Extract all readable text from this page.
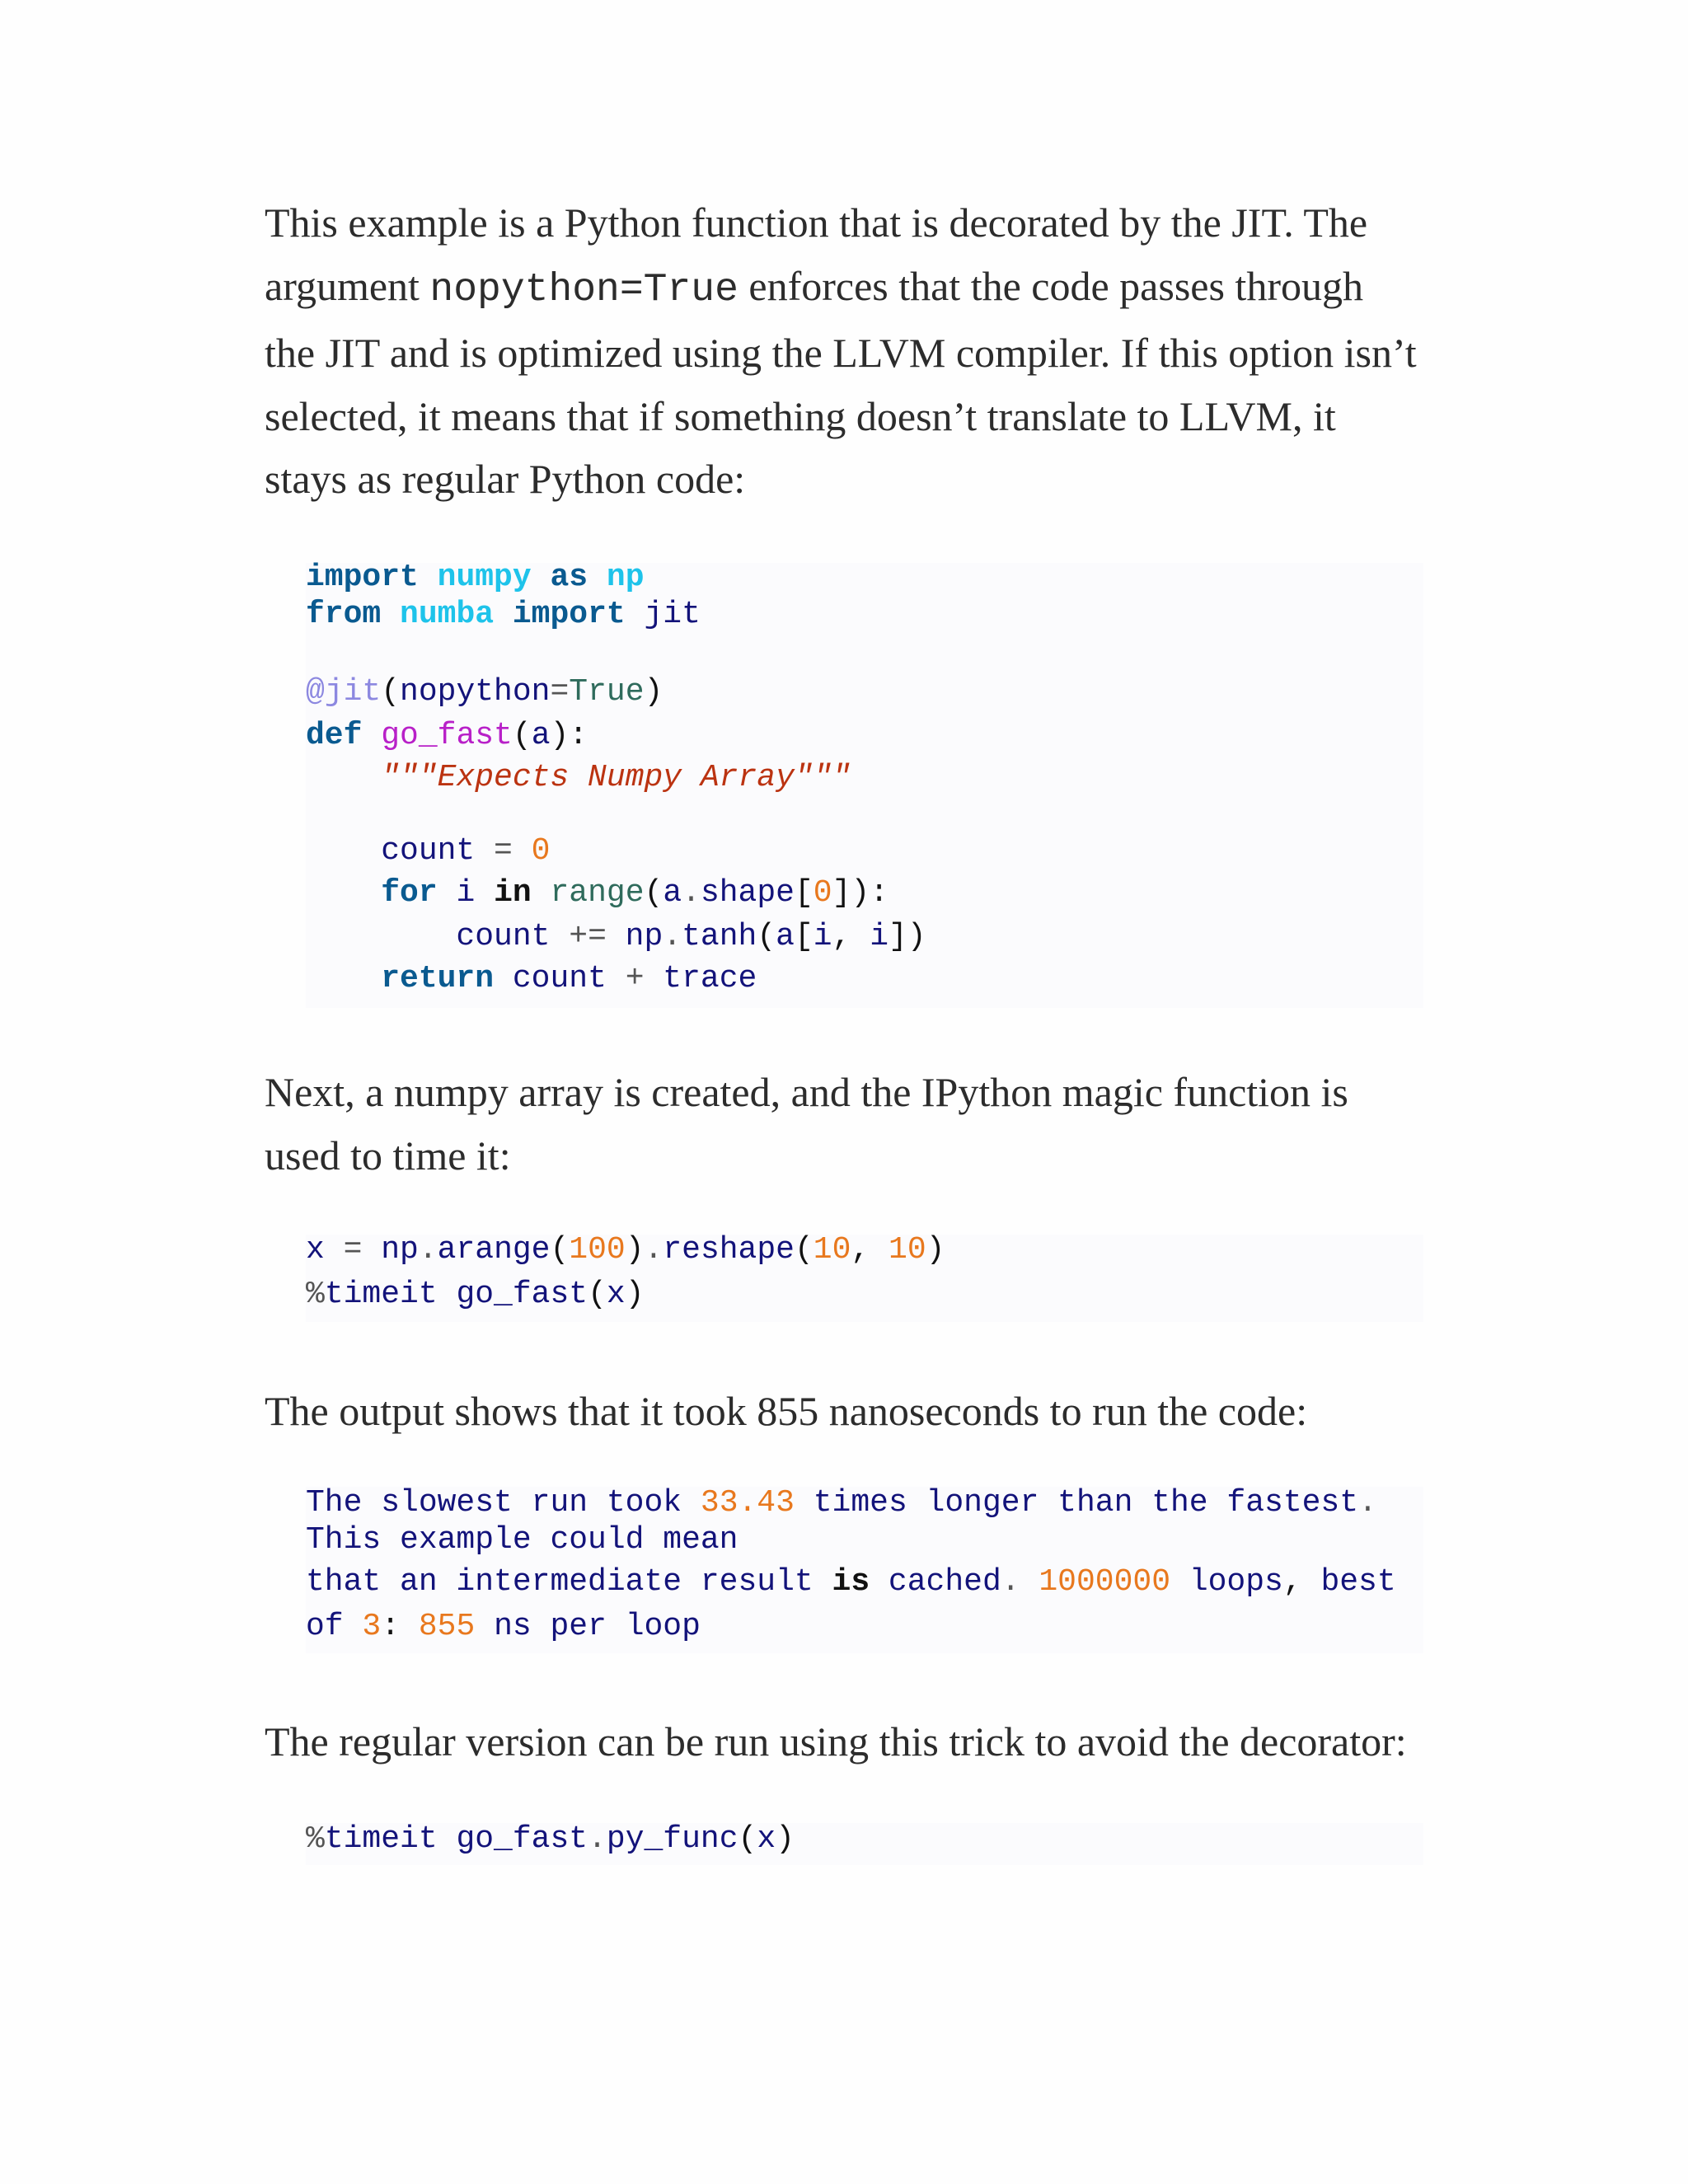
This example is a Python function that is decorated by the JIT. The
argument nopython=True enforces that the code passes through
the JIT and is optimized using the LLVM compiler. If this option isn’t
selected, it means that if something doesn’t translate to LLVM, it
stays as regular Python code:
import numpy as np
from numba import jit
@jit(nopython=True)
def go_fast(a):
"""Expects Numpy Array"""
count = 0
for i in range(a.shape[0]):
count += np.tanh(a[i, i])
return count + trace
Next, a numpy array is created, and the IPython magic function is
used to time it:
x = np.arange(100).reshape(10, 10)
%timeit go_fast(x)
The output shows that it took 855 nanoseconds to run the code:
The slowest run took 33.43 times longer than the fastest.
This example could mean
that an intermediate result is cached. 1000000 loops, best
of 3: 855 ns per loop
The regular version can be run using this trick to avoid the decorator:
%timeit go_fast.py_func(x)
